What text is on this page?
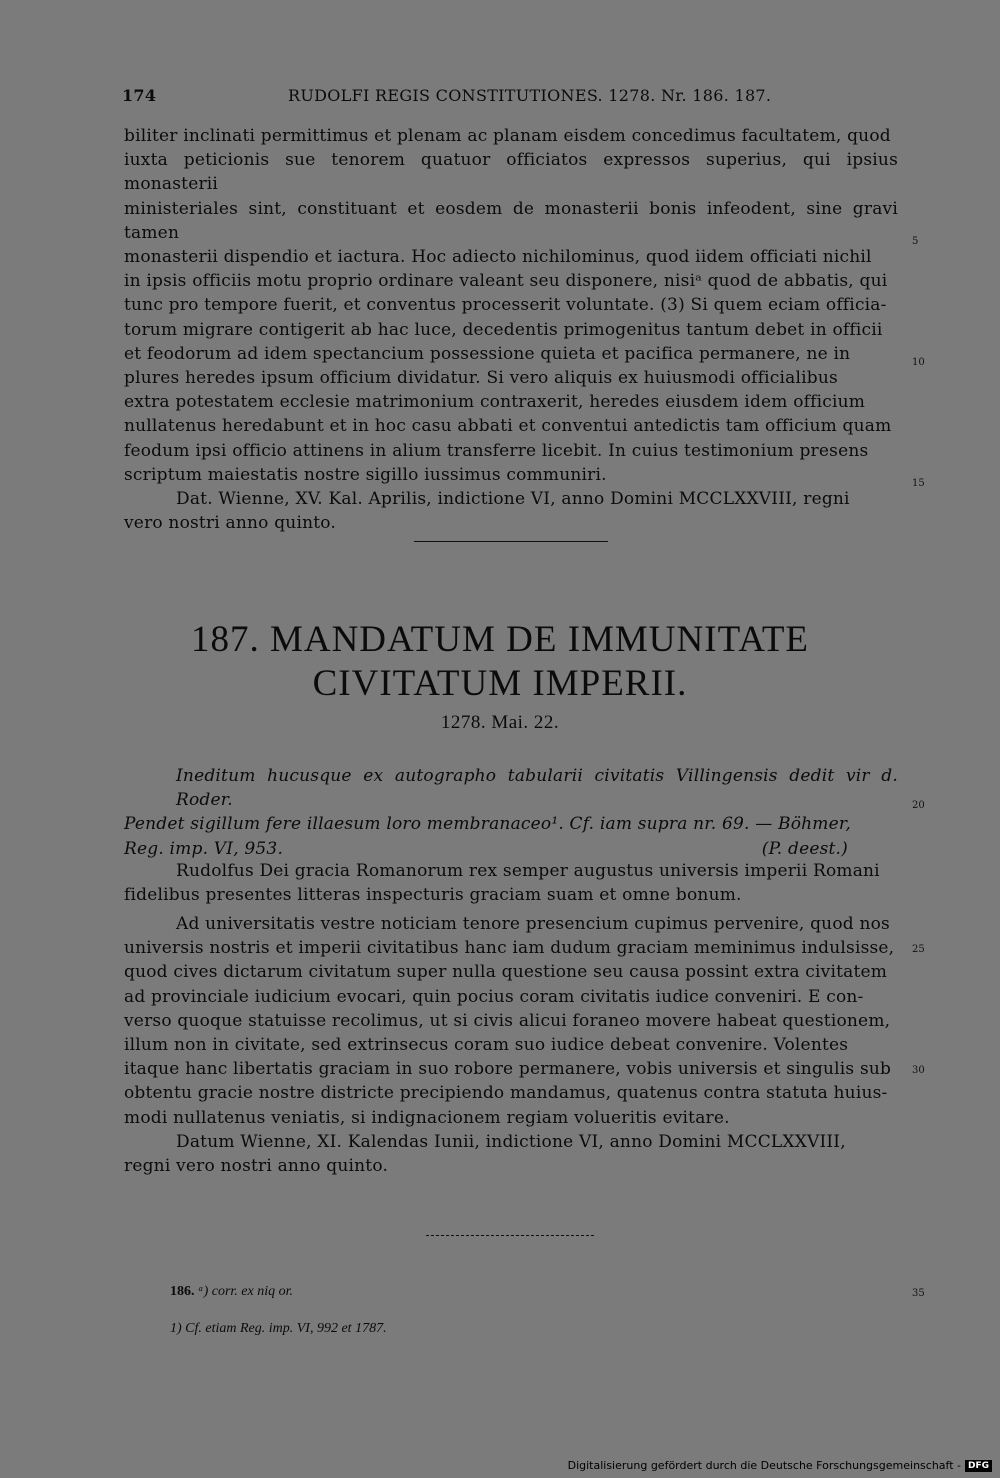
174	RUDOLFI REGIS CONSTITUTIONES. 1278. Nr. 186. 187.
biliter inclinati permittimus et plenam ac planam eisdem concedimus facultatem, quod
iuxta peticionis sue tenorem quatuor officiatos expressos superius, qui ipsius monasterii
ministeriales sint, constituant et eosdem de monasterii bonis infeodent, sine gravi tamen
monasterii dispendio et iactura. Hoc adiecto nichilominus, quod iidem officiati nichil
in ipsis officiis motu proprio ordinare valeant seu disponere, nisiᵃ quod de abbatis, qui
tunc pro tempore fuerit, et conventus processerit voluntate. (3) Si quem eciam officia-
torum migrare contigerit ab hac luce, decedentis primogenitus tantum debet in officii
et feodorum ad idem spectancium possessione quieta et pacifica permanere, ne in
plures heredes ipsum officium dividatur. Si vero aliquis ex huiusmodi officialibus
extra potestatem ecclesie matrimonium contraxerit, heredes eiusdem idem officium
nullatenus heredabunt et in hoc casu abbati et conventui antedictis tam officium quam
feodum ipsi officio attinens in alium transferre licebit. In cuius testimonium presens
scriptum maiestatis nostre sigillo iussimus communiri.
Dat. Wienne, XV. Kal. Aprilis, indictione VI, anno Domini MCCLXXVIII, regni
vero nostri anno quinto.
5
10
15
187. MANDATUM DE IMMUNITATE
CIVITATUM IMPERII.
1278. Mai. 22.
Ineditum hucusque ex autographo tabularii civitatis Villingensis dedit vir d. Roder.
Pendet sigillum fere illaesum loro membranaceo¹. Cf. iam supra nr. 69. — Böhmer,
Reg. imp. VI, 953.	(P. deest.)
20
Rudolfus Dei gracia Romanorum rex semper augustus universis imperii Romani
fidelibus presentes litteras inspecturis graciam suam et omne bonum.
Ad universitatis vestre noticiam tenore presencium cupimus pervenire, quod nos
universis nostris et imperii civitatibus hanc iam dudum graciam meminimus indulsisse,
quod cives dictarum civitatum super nulla questione seu causa possint extra civitatem
ad provinciale iudicium evocari, quin pocius coram civitatis iudice conveniri. E con-
verso quoque statuisse recolimus, ut si civis alicui foraneo movere habeat questionem,
illum non in civitate, sed extrinsecus coram suo iudice debeat convenire. Volentes
itaque hanc libertatis graciam in suo robore permanere, vobis universis et singulis sub
obtentu gracie nostre districte precipiendo mandamus, quatenus contra statuta huius-
modi nullatenus veniatis, si indignacionem regiam volueritis evitare.
Datum Wienne, XI. Kalendas Iunii, indictione VI, anno Domini MCCLXXVIII,
regni vero nostri anno quinto.
25
30
186. ᵃ) corr. ex niq or.	35
1) Cf. etiam Reg. imp. VI, 992 et 1787.
Digitalisierung gefördert durch die Deutsche Forschungsgemeinschaft - DFG
